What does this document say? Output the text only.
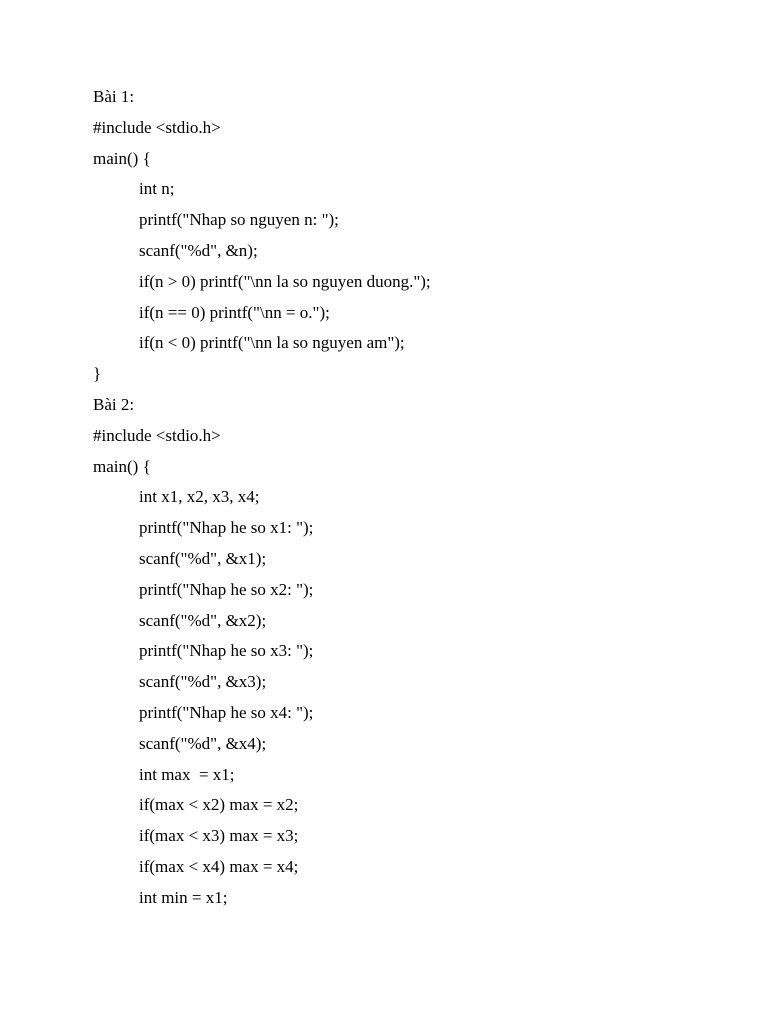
Bài 1:
#include <stdio.h>
main() {
int n;
printf("Nhap so nguyen n: ");
scanf("%d", &n);
if(n > 0) printf("\nn la so nguyen duong.");
if(n == 0) printf("\nn = o.");
if(n < 0) printf("\nn la so nguyen am");
}
Bài 2:
#include <stdio.h>
main() {
int x1, x2, x3, x4;
printf("Nhap he so x1: ");
scanf("%d", &x1);
printf("Nhap he so x2: ");
scanf("%d", &x2);
printf("Nhap he so x3: ");
scanf("%d", &x3);
printf("Nhap he so x4: ");
scanf("%d", &x4);
int max  = x1;
if(max < x2) max = x2;
if(max < x3) max = x3;
if(max < x4) max = x4;
int min = x1;
